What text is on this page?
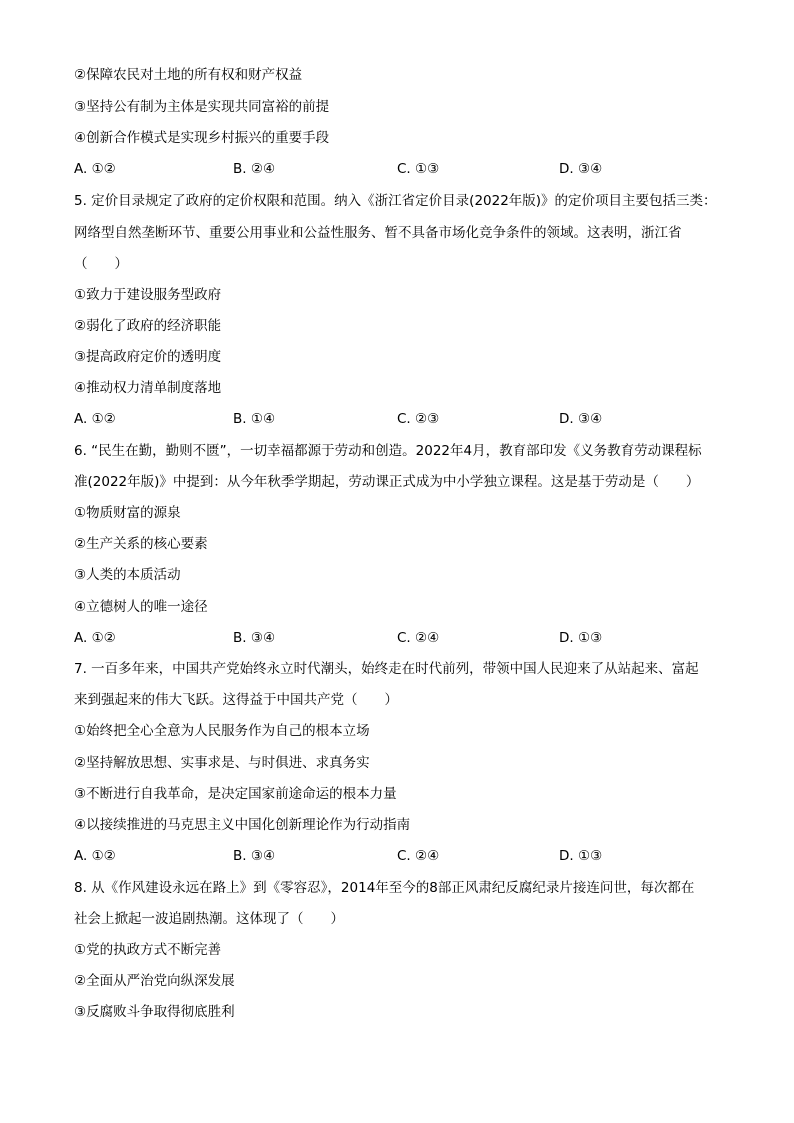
②保障农民对土地的所有权和财产权益

③坚持公有制为主体是实现共同富裕的前提

④创新合作模式是实现乡村振兴的重要手段

A. ①②	B. ②④	C. ①③	D. ③④

5. 定价目录规定了政府的定价权限和范围。纳入《浙江省定价目录(2022年版)》的定价项目主要包括三类：

网络型自然垄断环节、重要公用事业和公益性服务、暂不具备市场化竞争条件的领域。这表明，浙江省

（　　）

①致力于建设服务型政府

②弱化了政府的经济职能

③提高政府定价的透明度

④推动权力清单制度落地

A. ①②	B. ①④	C. ②③	D. ③④

6. “民生在勤，勤则不匮”，一切幸福都源于劳动和创造。2022年4月，教育部印发《义务教育劳动课程标

准(2022年版)》中提到：从今年秋季学期起，劳动课正式成为中小学独立课程。这是基于劳动是（　　）

①物质财富的源泉

②生产关系的核心要素

③人类的本质活动

④立德树人的唯一途径

A. ①②	B. ③④	C. ②④	D. ①③

7. 一百多年来，中国共产党始终永立时代潮头，始终走在时代前列，带领中国人民迎来了从站起来、富起

来到强起来的伟大飞跃。这得益于中国共产党（　　）

①始终把全心全意为人民服务作为自己的根本立场

②坚持解放思想、实事求是、与时俱进、求真务实

③不断进行自我革命，是决定国家前途命运的根本力量

④以接续推进的马克思主义中国化创新理论作为行动指南

A. ①②	B. ③④	C. ②④	D. ①③

8. 从《作风建设永远在路上》到《零容忍》，2014年至今的8部正风肃纪反腐纪录片接连问世，每次都在

社会上掀起一波追剧热潮。这体现了（　　）

①党的执政方式不断完善

②全面从严治党向纵深发展

③反腐败斗争取得彻底胜利
